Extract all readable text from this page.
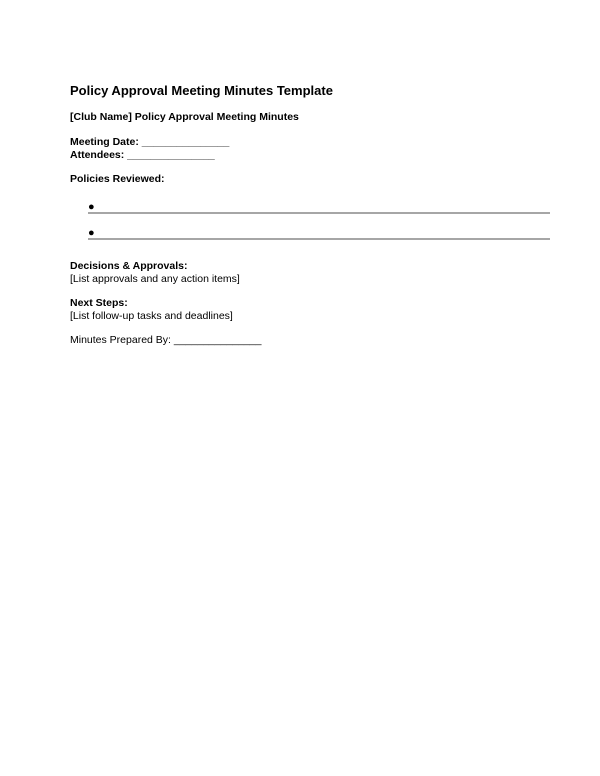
Policy Approval Meeting Minutes Template
[Club Name] Policy Approval Meeting Minutes
Meeting Date: _______________
Attendees: _______________
Policies Reviewed:
●
●
Decisions & Approvals:
[List approvals and any action items]
Next Steps:
[List follow-up tasks and deadlines]
Minutes Prepared By: _______________
